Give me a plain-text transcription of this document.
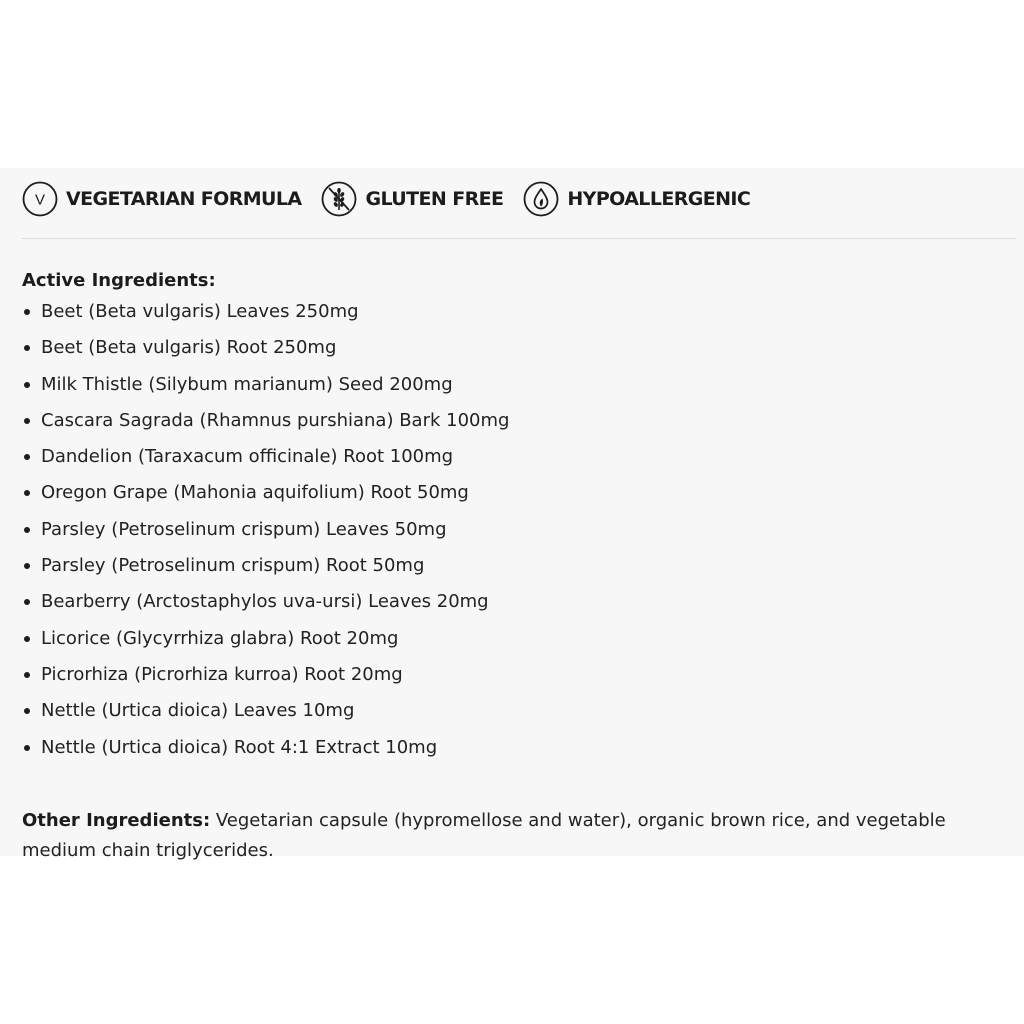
V VEGETARIAN FORMULA	GLUTEN FREE	HYPOALLERGENIC
Active Ingredients:
Beet (Beta vulgaris) Leaves 250mg
Beet (Beta vulgaris) Root 250mg
Milk Thistle (Silybum marianum) Seed 200mg
Cascara Sagrada (Rhamnus purshiana) Bark 100mg
Dandelion (Taraxacum officinale) Root 100mg
Oregon Grape (Mahonia aquifolium) Root 50mg
Parsley (Petroselinum crispum) Leaves 50mg
Parsley (Petroselinum crispum) Root 50mg
Bearberry (Arctostaphylos uva-ursi) Leaves 20mg
Licorice (Glycyrrhiza glabra) Root 20mg
Picrorhiza (Picrorhiza kurroa) Root 20mg
Nettle (Urtica dioica) Leaves 10mg
Nettle (Urtica dioica) Root 4:1 Extract 10mg

Other Ingredients: Vegetarian capsule (hypromellose and water), organic brown rice, and vegetable medium chain triglycerides.
